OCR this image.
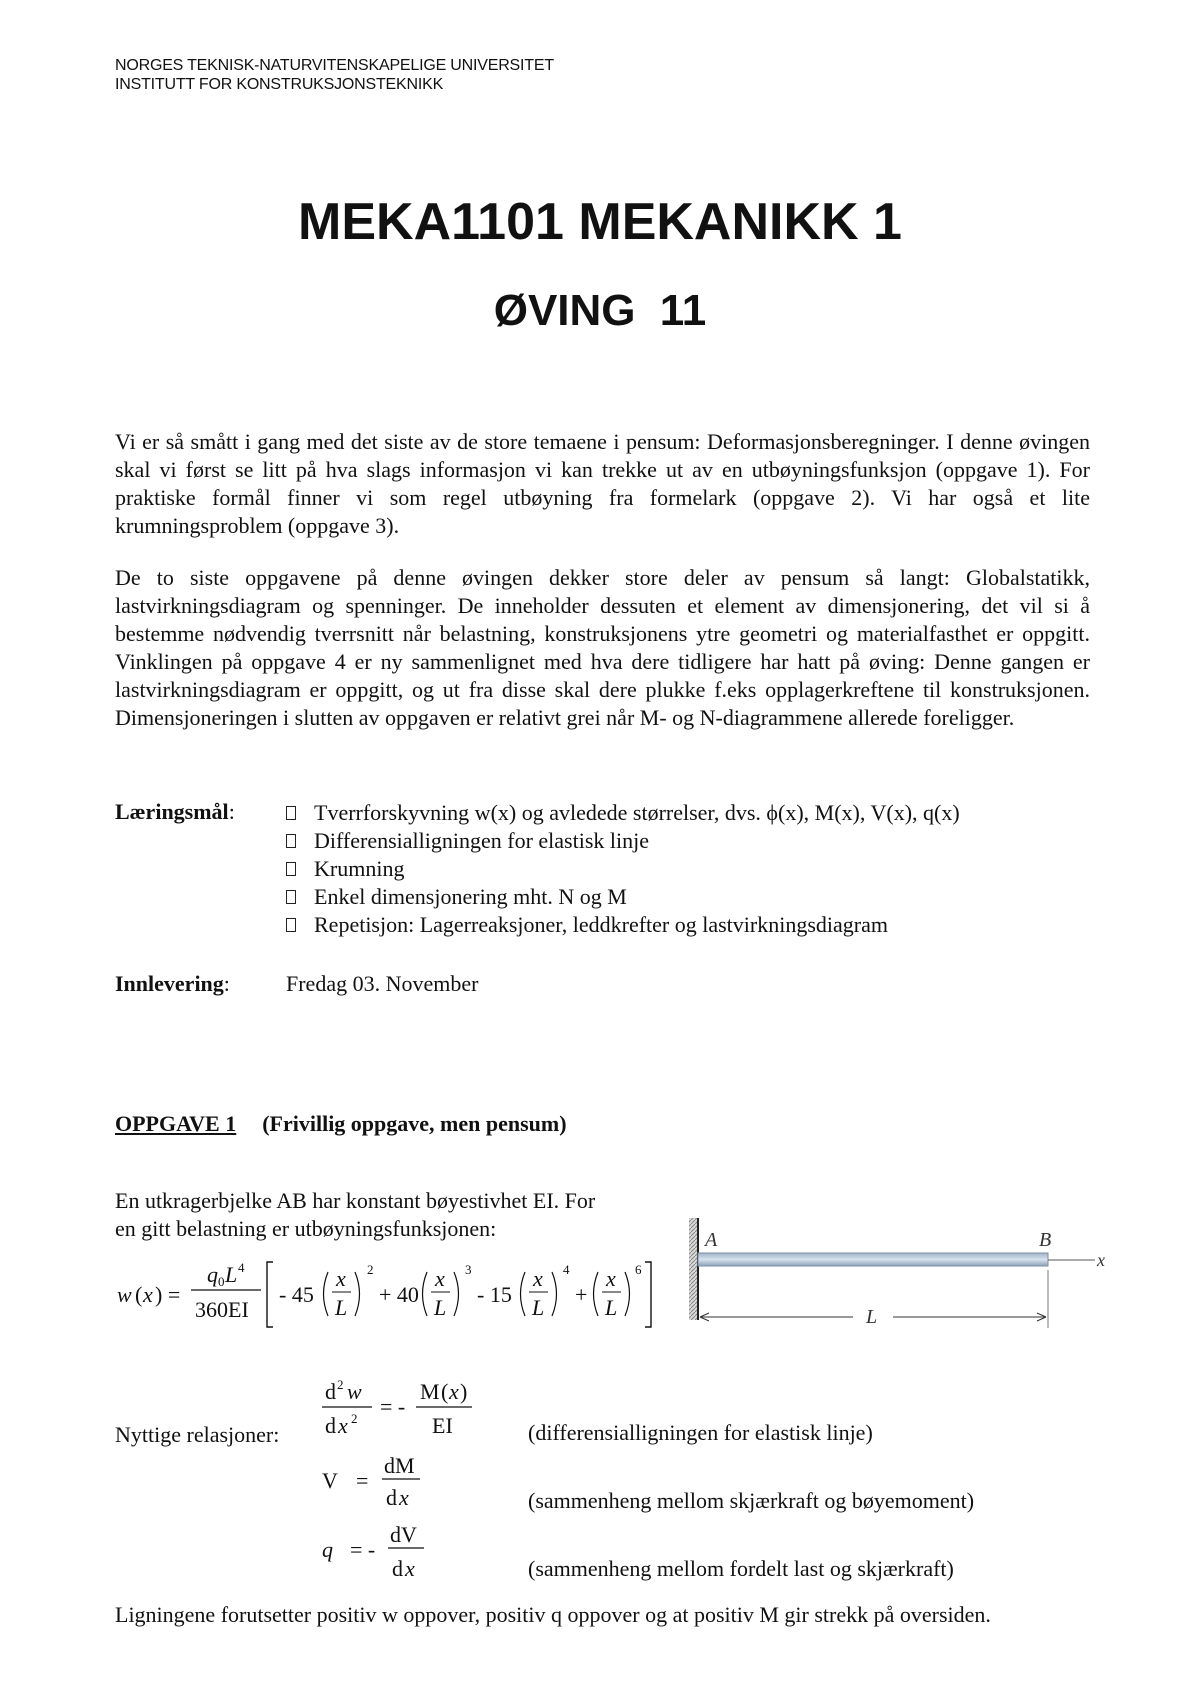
NORGES TEKNISK-NATURVITENSKAPELIGE UNIVERSITET
INSTITUTT FOR KONSTRUKSJONSTEKNIKK
MEKA1101 MEKANIKK 1
ØVING 11
Vi er så smått i gang med det siste av de store temaene i pensum: Deformasjonsberegninger. I denne øvingen skal vi først se litt på hva slags informasjon vi kan trekke ut av en utbøyningsfunksjon (oppgave 1). For praktiske formål finner vi som regel utbøyning fra formelark (oppgave 2). Vi har også et lite krumningsproblem (oppgave 3).
De to siste oppgavene på denne øvingen dekker store deler av pensum så langt: Globalstatikk, lastvirkningsdiagram og spenninger. De inneholder dessuten et element av dimensjonering, det vil si å bestemme nødvendig tverrsnitt når belastning, konstruksjonens ytre geometri og materialfasthet er oppgitt. Vinklingen på oppgave 4 er ny sammenlignet med hva dere tidligere har hatt på øving: Denne gangen er lastvirkningsdiagram er oppgitt, og ut fra disse skal dere plukke f.eks opplagerkreftene til konstruksjonen. Dimensjoneringen i slutten av oppgaven er relativt grei når M- og N-diagrammene allerede foreligger.
Læringsmål:	Tverrforskyvning w(x) og avledede størrelser, dvs. ϕ(x), M(x), V(x), q(x)
Differensialligningen for elastisk linje
Krumning
Enkel dimensjonering mht. N og M
Repetisjon: Lagerreaksjoner, leddkrefter og lastvirkningsdiagram
Innlevering:	Fredag 03. November
OPPGAVE 1 (Frivillig oppgave, men pensum)
En utkragerbjelke AB har konstant bøyestivhet EI. For
en gitt belastning er utbøyningsfunksjonen:
w ( x ) =
q 0 L 4
360EI
- 45
x
L
2
+ 40
x
L
3
- 15
x
L
4
+
x
L
6
A	B
x
L
Nyttige relasjoner:
d 2 w
d x 2 = -
M ( x )
EI
V =
dM
d x
q = -
dV
d x
(differensialligningen for elastisk linje)
(sammenheng mellom skjærkraft og bøyemoment)
(sammenheng mellom fordelt last og skjærkraft)
Ligningene forutsetter positiv w oppover, positiv q oppover og at positiv M gir strekk på oversiden.
